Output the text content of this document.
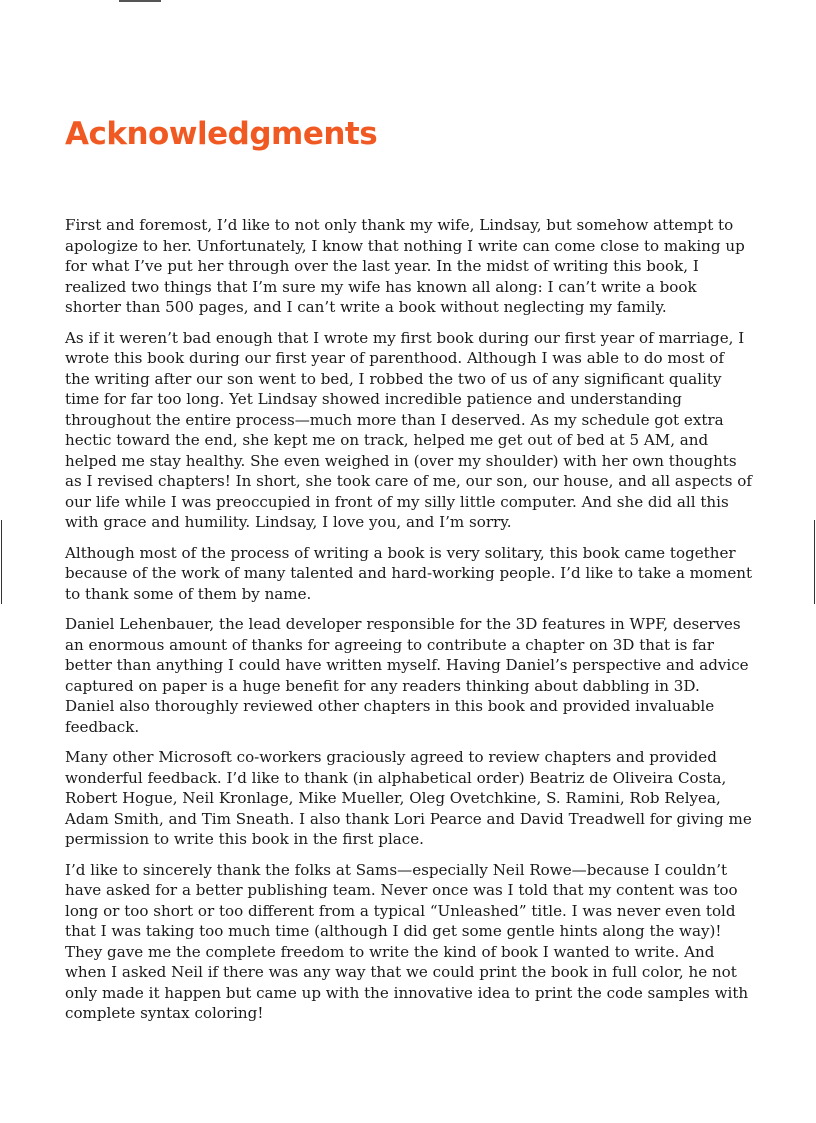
Acknowledgments

First and foremost, I’d like to not only thank my wife, Lindsay, but somehow attempt to apologize to her. Unfortunately, I know that nothing I write can come close to making up for what I’ve put her through over the last year. In the midst of writing this book, I realized two things that I’m sure my wife has known all along: I can’t write a book shorter than 500 pages, and I can’t write a book without neglecting my family.

As if it weren’t bad enough that I wrote my first book during our first year of marriage, I wrote this book during our first year of parenthood. Although I was able to do most of the writing after our son went to bed, I robbed the two of us of any significant quality time for far too long. Yet Lindsay showed incredible patience and understanding throughout the entire process—much more than I deserved. As my schedule got extra hectic toward the end, she kept me on track, helped me get out of bed at 5 AM, and helped me stay healthy. She even weighed in (over my shoulder) with her own thoughts as I revised chapters! In short, she took care of me, our son, our house, and all aspects of our life while I was preoccupied in front of my silly little computer. And she did all this with grace and humility. Lindsay, I love you, and I’m sorry.

Although most of the process of writing a book is very solitary, this book came together because of the work of many talented and hard-working people. I’d like to take a moment to thank some of them by name.

Daniel Lehenbauer, the lead developer responsible for the 3D features in WPF, deserves an enormous amount of thanks for agreeing to contribute a chapter on 3D that is far better than anything I could have written myself. Having Daniel’s perspective and advice captured on paper is a huge benefit for any readers thinking about dabbling in 3D. Daniel also thoroughly reviewed other chapters in this book and provided invaluable feedback.

Many other Microsoft co-workers graciously agreed to review chapters and provided wonderful feedback. I’d like to thank (in alphabetical order) Beatriz de Oliveira Costa, Robert Hogue, Neil Kronlage, Mike Mueller, Oleg Ovetchkine, S. Ramini, Rob Relyea, Adam Smith, and Tim Sneath. I also thank Lori Pearce and David Treadwell for giving me permission to write this book in the first place.

I’d like to sincerely thank the folks at Sams—especially Neil Rowe—because I couldn’t have asked for a better publishing team. Never once was I told that my content was too long or too short or too different from a typical “Unleashed” title. I was never even told that I was taking too much time (although I did get some gentle hints along the way)! They gave me the complete freedom to write the kind of book I wanted to write. And when I asked Neil if there was any way that we could print the book in full color, he not only made it happen but came up with the innovative idea to print the code samples with complete syntax coloring!
